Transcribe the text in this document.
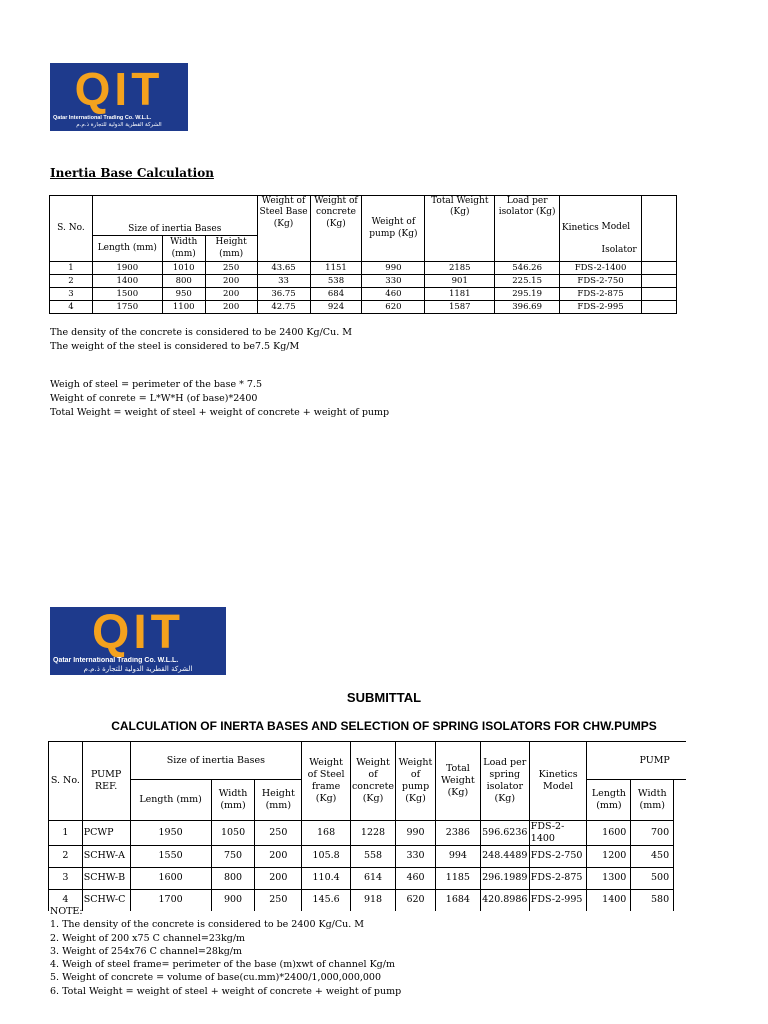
QIT
Qatar International Trading Co. W.L.L.
الشركة القطرية الدولية للتجارة ذ.م.م
Inertia Base Calculation
S. No.	Size of inertia Bases			Weight of Steel Base (Kg)	Weight of concrete (Kg)	Weight of pump (Kg)	Total Weight (Kg)	Load per isolator (Kg)	Kinetics	Model

Isolator	
	Length (mm)	Width (mm)	Height (mm)								
1	1900	1010	250	43.65	1151	990	2185	546.26	FDS-2-1400		
2	1400	800	200	33	538	330	901	225.15	FDS-2-750		
3	1500	950	200	36.75	684	460	1181	295.19	FDS-2-875		
4	1750	1100	200	42.75	924	620	1587	396.69	FDS-2-995		
The density of the concrete is considered to be 2400 Kg/Cu. M
The weight of the steel is considered to be7.5 Kg/M
Weigh of steel = perimeter of the base * 7.5
Weight of conrete = L*W*H (of base)*2400
Total Weight = weight of steel + weight of concrete + weight of pump
QIT
Qatar International Trading Co. W.L.L.
الشركة القطرية الدولية للتجارة ذ.م.م
SUBMITTAL
CALCULATION OF INERTA BASES AND SELECTION OF SPRING ISOLATORS FOR CHW.PUMPS
S. No.	PUMP REF.	Size of inertia Bases			Weight of Steel frame (Kg)	Weight of concrete (Kg)	Weight of pump (Kg)	Total Weight (Kg)	Load per spring isolator (Kg)	Kinetics Model	PUMP		
		Length (mm)	Width (mm)	Height (mm)							Length (mm)	Width (mm)	
1	PCWP	1950	1050	250	168	1228	990	2386	596.6236	FDS-2-1400	1600	700	
2	SCHW-A	1550	750	200	105.8	558	330	994	248.4489	FDS-2-750	1200	450	
3	SCHW-B	1600	800	200	110.4	614	460	1185	296.1989	FDS-2-875	1300	500	
4	SCHW-C	1700	900	250	145.6	918	620	1684	420.8986	FDS-2-995	1400	580	
NOTE:
1. The density of the concrete is considered to be 2400 Kg/Cu. M
2. Weight of 200 x75 C channel=23kg/m
3. Weight of 254x76 C channel=28kg/m
4. Weigh of steel frame= perimeter of the base (m)xwt of channel Kg/m
5. Weight of concrete = volume of base(cu.mm)*2400/1,000,000,000
6. Total Weight = weight of steel + weight of concrete + weight of pump
